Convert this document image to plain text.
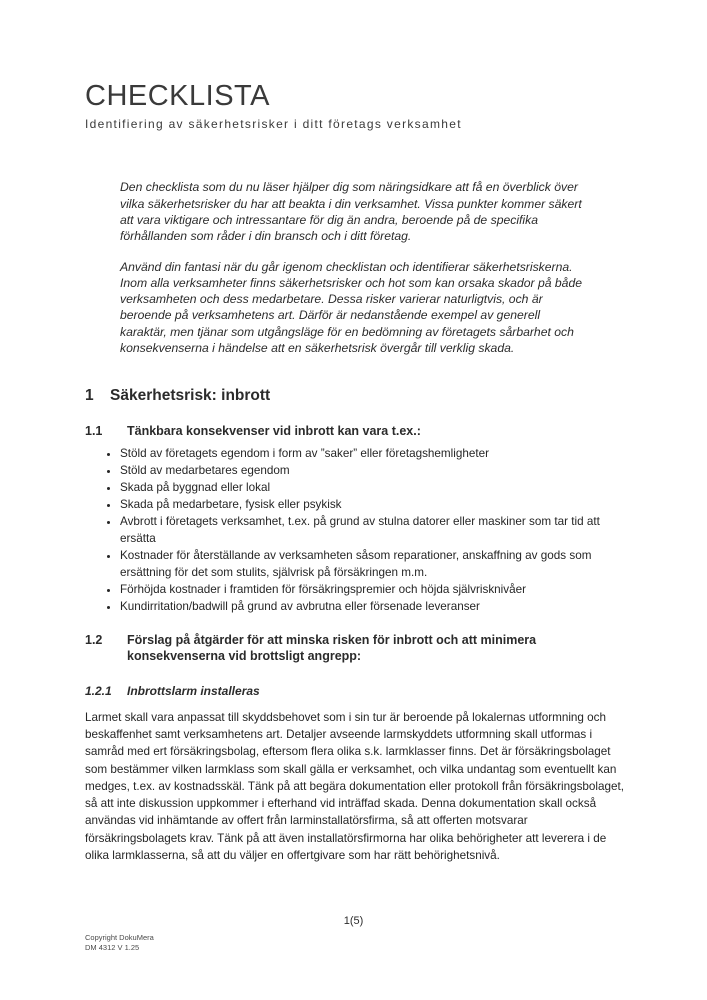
CHECKLISTA

Identifiering av säkerhetsrisker i ditt företags verksamhet

Den checklista som du nu läser hjälper dig som näringsidkare att få en överblick över vilka säkerhetsrisker du har att beakta i din verksamhet. Vissa punkter kommer säkert att vara viktigare och intressantare för dig än andra, beroende på de specifika förhållanden som råder i din bransch och i ditt företag.

Använd din fantasi när du går igenom checklistan och identifierar säkerhetsriskerna. Inom alla verksamheter finns säkerhetsrisker och hot som kan orsaka skador på både verksamheten och dess medarbetare. Dessa risker varierar naturligtvis, och är beroende på verksamhetens art. Därför är nedanstående exempel av generell karaktär, men tjänar som utgångsläge för en bedömning av företagets sårbarhet och konsekvenserna i händelse att en säkerhetsrisk övergår till verklig skada.

1	Säkerhetsrisk: inbrott
1.1	Tänkbara konsekvenser vid inbrott kan vara t.ex.:
• Stöld av företagets egendom i form av ”saker” eller företagshemligheter
• Stöld av medarbetares egendom
• Skada på byggnad eller lokal
• Skada på medarbetare, fysisk eller psykisk
• Avbrott i företagets verksamhet, t.ex. på grund av stulna datorer eller maskiner som tar tid att ersätta
• Kostnader för återställande av verksamheten såsom reparationer, anskaffning av gods som ersättning för det som stulits, självrisk på försäkringen m.m.
• Förhöjda kostnader i framtiden för försäkringspremier och höjda självrisknivåer
• Kundirritation/badwill på grund av avbrutna eller försenade leveranser
1.2	Förslag på åtgärder för att minska risken för inbrott och att minimera konsekvenserna vid brottsligt angrepp:
1.2.1	Inbrottslarm installeras

Larmet skall vara anpassat till skyddsbehovet som i sin tur är beroende på lokalernas utformning och beskaffenhet samt verksamhetens art. Detaljer avseende larmskyddets utformning skall utformas i samråd med ert försäkringsbolag, eftersom flera olika s.k. larmklasser finns. Det är försäkringsbolaget som bestämmer vilken larmklass som skall gälla er verksamhet, och vilka undantag som eventuellt kan medges, t.ex. av kostnadsskäl. Tänk på att begära dokumentation eller protokoll från försäkringsbolaget, så att inte diskussion uppkommer i efterhand vid inträffad skada. Denna dokumentation skall också användas vid inhämtande av offert från larminstallatörsfirma, så att offerten motsvarar försäkringsbolagets krav. Tänk på att även installatörsfirmorna har olika behörigheter att leverera i de olika larmklasserna, så att du väljer en offertgivare som har rätt behörighetsnivå.

1(5)
Copyright DokuMera
DM 4312 V 1.25
